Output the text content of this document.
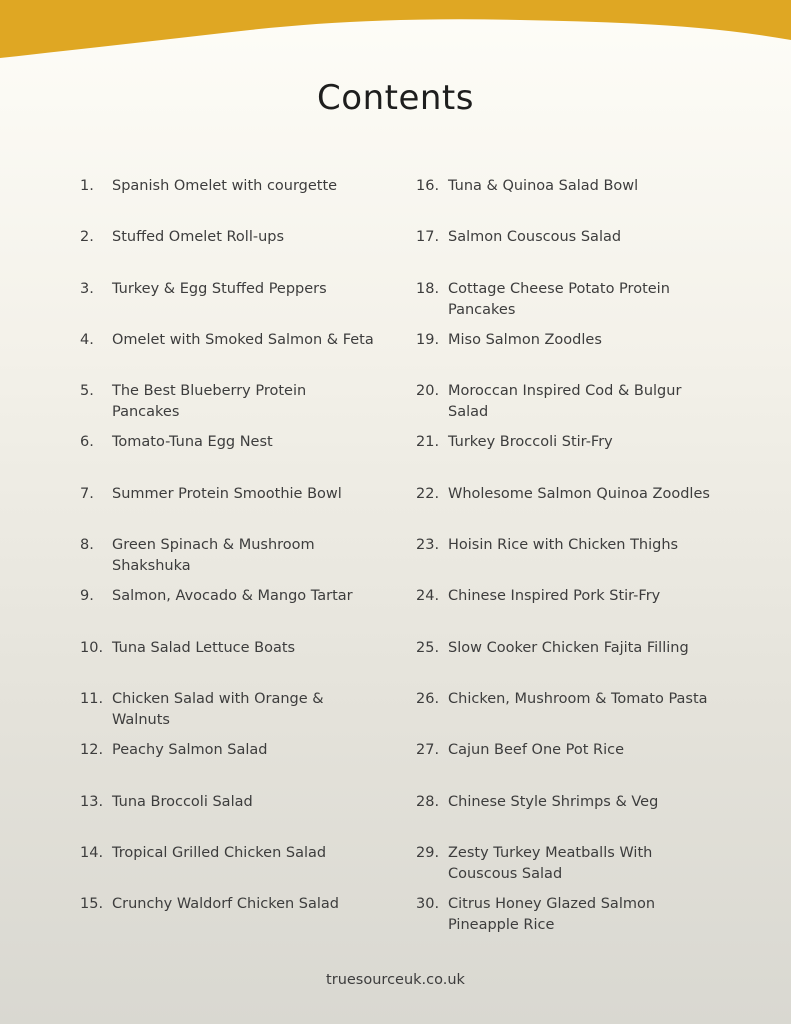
Contents
1.	Spanish Omelet with courgette
2.	Stuffed Omelet Roll-ups
3.	Turkey & Egg Stuffed Peppers
4.	Omelet with Smoked Salmon & Feta
5.	The Best Blueberry Protein Pancakes
6.	Tomato-Tuna Egg Nest
7.	Summer Protein Smoothie Bowl
8.	Green Spinach & Mushroom Shakshuka
9.	Salmon, Avocado & Mango Tartar
10. Tuna Salad Lettuce Boats
11. Chicken Salad with Orange & Walnuts
12. Peachy Salmon Salad
13. Tuna Broccoli Salad
14. Tropical Grilled Chicken Salad
15. Crunchy Waldorf Chicken Salad
16. Tuna & Quinoa Salad Bowl
17. Salmon Couscous Salad
18. Cottage Cheese Potato Protein Pancakes
19. Miso Salmon Zoodles
20. Moroccan Inspired Cod & Bulgur Salad
21. Turkey Broccoli Stir-Fry
22. Wholesome Salmon Quinoa Zoodles
23. Hoisin Rice with Chicken Thighs
24. Chinese Inspired Pork Stir-Fry
25. Slow Cooker Chicken Fajita Filling
26. Chicken, Mushroom & Tomato Pasta
27. Cajun Beef One Pot Rice
28. Chinese Style Shrimps & Veg
29. Zesty Turkey Meatballs With Couscous Salad
30. Citrus Honey Glazed Salmon Pineapple Rice
truesourceuk.co.uk
